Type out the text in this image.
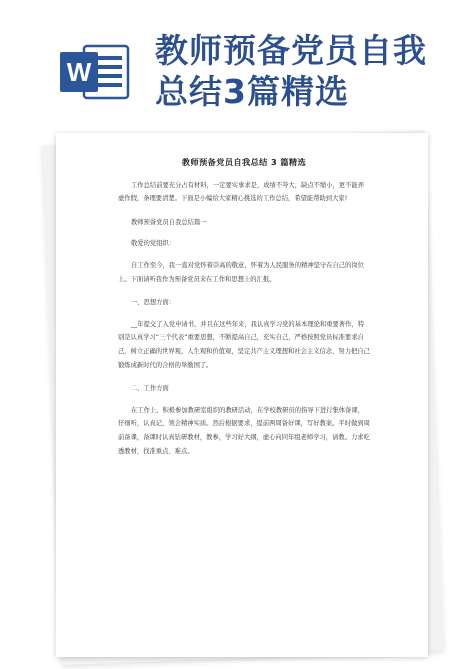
W
教师预备党员自我
总结3篇精选
教师预备党员自我总结 3 篇精选

工作总结前要充分占有材料，一定要实事求是，成绩不夸大，缺点不缩小，更不能弄虚作假，条理要清楚。下面是小编给大家精心挑选的工作总结，希望能帮助到大家!

教师预备党员自我总结篇一

敬爱的党组织：

自工作至今，我一直对党怀着崇高的敬意，怀着为人民服务的精神坚守在自己的岗位上。下面请听我作为预备党员来在工作和思想上的汇报。

一、思想方面：

__年提交了入党申请书，并且在这些年来，我认真学习党的基本理论和重要著作，特别是认真学习“三个代表”重要思想，不断提高自己，充实自己，严格按照党员标准要求自己，树立正确的世界观，人生观和价值观，坚定共产主义理想和社会主义信念，努力把自己锻炼成新时代的合格的举勤国了。

二、工作方面

在工作上，积极参加教研室组织的教研活动，在学校教研员的指导下进行集体备课，仔细听，认真记，领会精神实质。然后根据要求，提前两周备好课，写好教案。平时做到周前备课，备课时认真钻研教材，教参，学习好大纲，虚心向同年组老师学习，请教。力求吃透教材，找准重点、难点。
